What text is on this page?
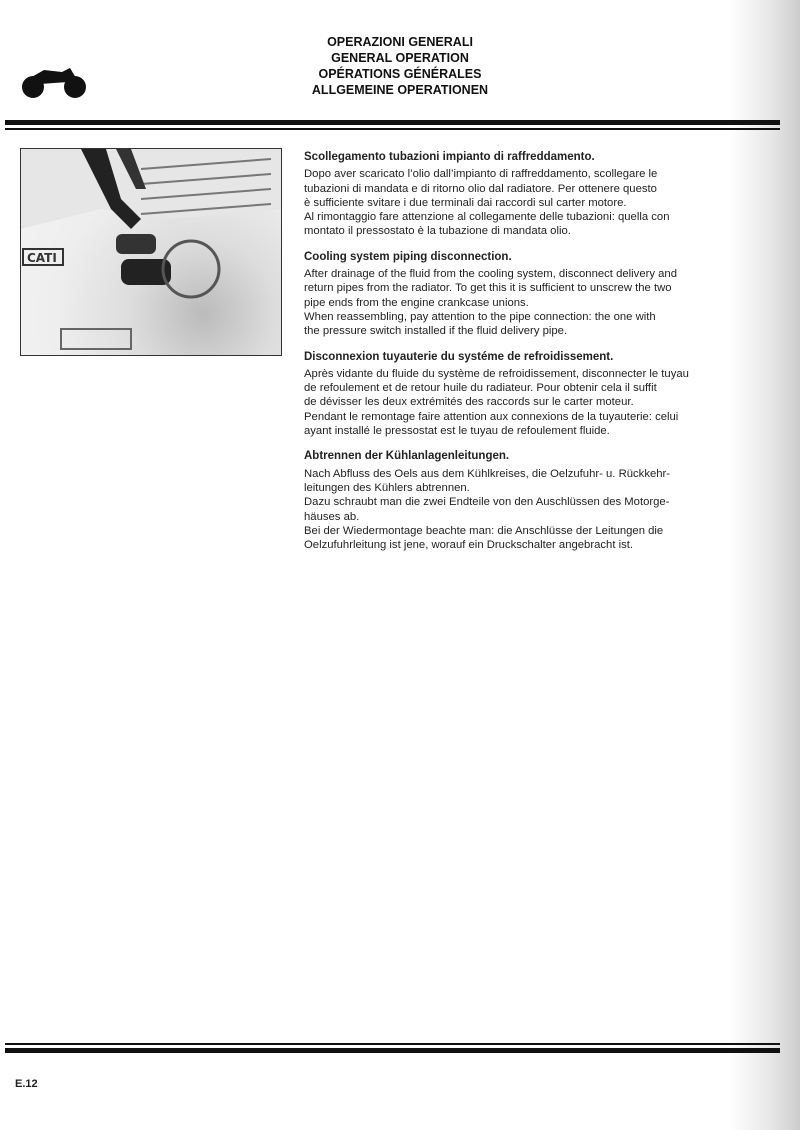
OPERAZIONI GENERALI
GENERAL OPERATION
OPÉRATIONS GÉNÉRALES
ALLGEMEINE OPERATIONEN
CATI
Scollegamento tubazioni impianto di raffreddamento.
Dopo aver scaricato l’olio dall’impianto di raffreddamento, scollegare le
tubazioni di mandata e di ritorno olio dal radiatore. Per ottenere questo
è sufficiente svitare i due terminali dai raccordi sul carter motore.
Al rimontaggio fare attenzione al collegamente delle tubazioni: quella con
montato il pressostato è la tubazione di mandata olio.
Cooling system piping disconnection.
After drainage of the fluid from the cooling system, disconnect delivery and
return pipes from the radiator. To get this it is sufficient to unscrew the two
pipe ends from the engine crankcase unions.
When reassembling, pay attention to the pipe connection: the one with
the pressure switch installed if the fluid delivery pipe.
Disconnexion tuyauterie du systéme de refroidissement.
Après vidante du fluide du système de refroidissement, disconnecter le tuyau
de refoulement et de retour huile du radiateur. Pour obtenir cela il suffit
de dévisser les deux extrémités des raccords sur le carter moteur.
Pendant le remontage faire attention aux connexions de la tuyauterie: celui
ayant installé le pressostat est le tuyau de refoulement fluide.
Abtrennen der Kühlanlagenleitungen.
Nach Abfluss des Oels aus dem Kühlkreises, die Oelzufuhr- u. Rückkehr-
leitungen des Kühlers abtrennen.
Dazu schraubt man die zwei Endteile von den Auschlüssen des Motorge-
häuses ab.
Bei der Wiedermontage beachte man: die Anschlüsse der Leitungen die
Oelzufuhrleitung ist jene, worauf ein Druckschalter angebracht ist.
E.12
